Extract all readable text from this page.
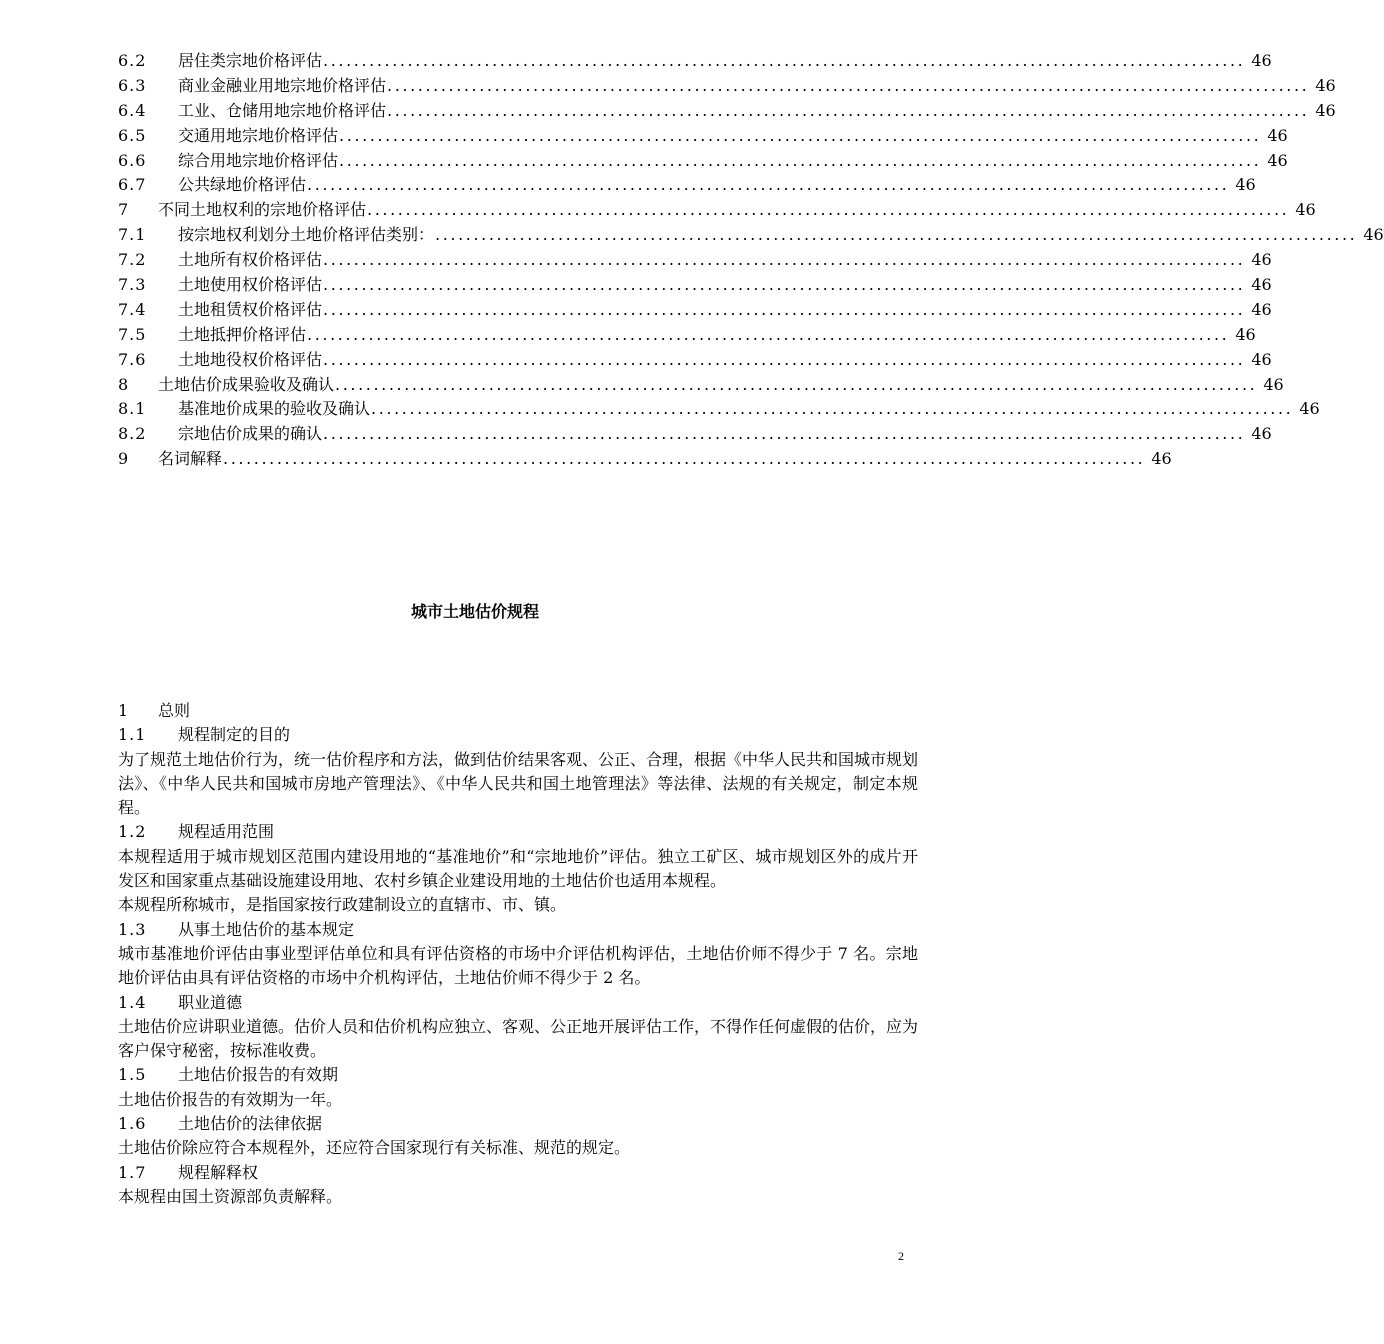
6.2	居住类宗地价格评估 ........................................................................................................................ 46
6.3	商业金融业用地宗地价格评估 ........................................................................................................................ 46
6.4	工业、仓储用地宗地价格评估 ........................................................................................................................ 46
6.5	交通用地宗地价格评估 ........................................................................................................................ 46
6.6	综合用地宗地价格评估 ........................................................................................................................ 46
6.7	公共绿地价格评估 ........................................................................................................................ 46
7	不同土地权利的宗地价格评估 ........................................................................................................................ 46
7.1	按宗地权利划分土地价格评估类别： ........................................................................................................................ 46
7.2	土地所有权价格评估 ........................................................................................................................ 46
7.3	土地使用权价格评估 ........................................................................................................................ 46
7.4	土地租赁权价格评估 ........................................................................................................................ 46
7.5	土地抵押价格评估 ........................................................................................................................ 46
7.6	土地地役权价格评估 ........................................................................................................................ 46
8	土地估价成果验收及确认 ........................................................................................................................ 46
8.1	基准地价成果的验收及确认 ........................................................................................................................ 46
8.2	宗地估价成果的确认 ........................................................................................................................ 46
9	名词解释 ........................................................................................................................ 46
城市土地估价规程
1 总则
1.1 规程制定的目的

为了规范土地估价行为，统一估价程序和方法，做到估价结果客观、公正、合理，根据《中华人民共和国城市规划法》、《中华人民共和国城市房地产管理法》、《中华人民共和国土地管理法》等法律、法规的有关规定，制定本规程。

1.2 规程适用范围

本规程适用于城市规划区范围内建设用地的“基准地价”和“宗地地价”评估。独立工矿区、城市规划区外的成片开发区和国家重点基础设施建设用地、农村乡镇企业建设用地的土地估价也适用本规程。

本规程所称城市，是指国家按行政建制设立的直辖市、市、镇。

1.3 从事土地估价的基本规定

城市基准地价评估由事业型评估单位和具有评估资格的市场中介评估机构评估，土地估价师不得少于 7 名。宗地地价评估由具有评估资格的市场中介机构评估，土地估价师不得少于 2 名。

1.4 职业道德

土地估价应讲职业道德。估价人员和估价机构应独立、客观、公正地开展评估工作，不得作任何虚假的估价，应为客户保守秘密，按标准收费。

1.5 土地估价报告的有效期

土地估价报告的有效期为一年。

1.6 土地估价的法律依据

土地估价除应符合本规程外，还应符合国家现行有关标准、规范的规定。

1.7 规程解释权

本规程由国土资源部负责解释。

2
